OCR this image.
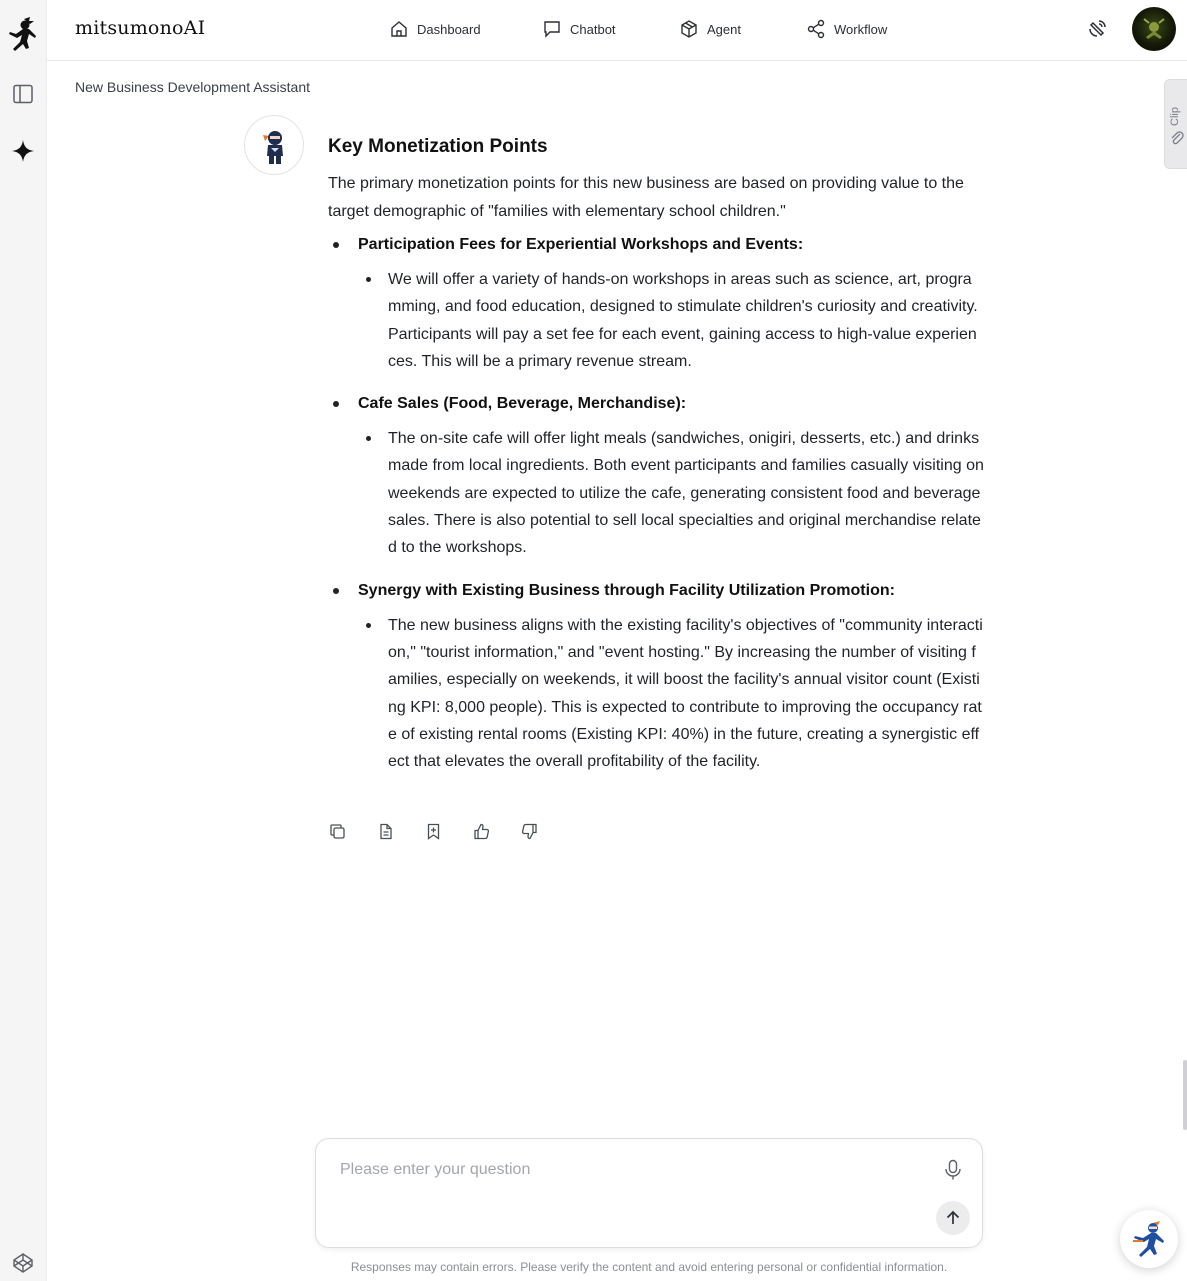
mitsumonoAI	Dashboard	Chatbot	Agent	Workflow
New Business Development Assistant
Clip
Key Monetization Points

The primary monetization points for this new business are based on providing value to the target demographic of "families with elementary school children."

Participation Fees for Experiential Workshops and Events:
We will offer a variety of hands-on workshops in areas such as science, art, programming, and food education, designed to stimulate children's curiosity and creativity. Participants will pay a set fee for each event, gaining access to high-value experiences. This will be a primary revenue stream.
Cafe Sales (Food, Beverage, Merchandise):
The on-site cafe will offer light meals (sandwiches, onigiri, desserts, etc.) and drinks made from local ingredients. Both event participants and families casually visiting on weekends are expected to utilize the cafe, generating consistent food and beverage sales. There is also potential to sell local specialties and original merchandise related to the workshops.
Synergy with Existing Business through Facility Utilization Promotion:
The new business aligns with the existing facility's objectives of "community interaction," "tourist information," and "event hosting." By increasing the number of visiting families, especially on weekends, it will boost the facility's annual visitor count (Existing KPI: 8,000 people). This is expected to contribute to improving the occupancy rate of existing rental rooms (Existing KPI: 40%) in the future, creating a synergistic effect that elevates the overall profitability of the facility.
Please enter your question
Responses may contain errors. Please verify the content and avoid entering personal or confidential information.
